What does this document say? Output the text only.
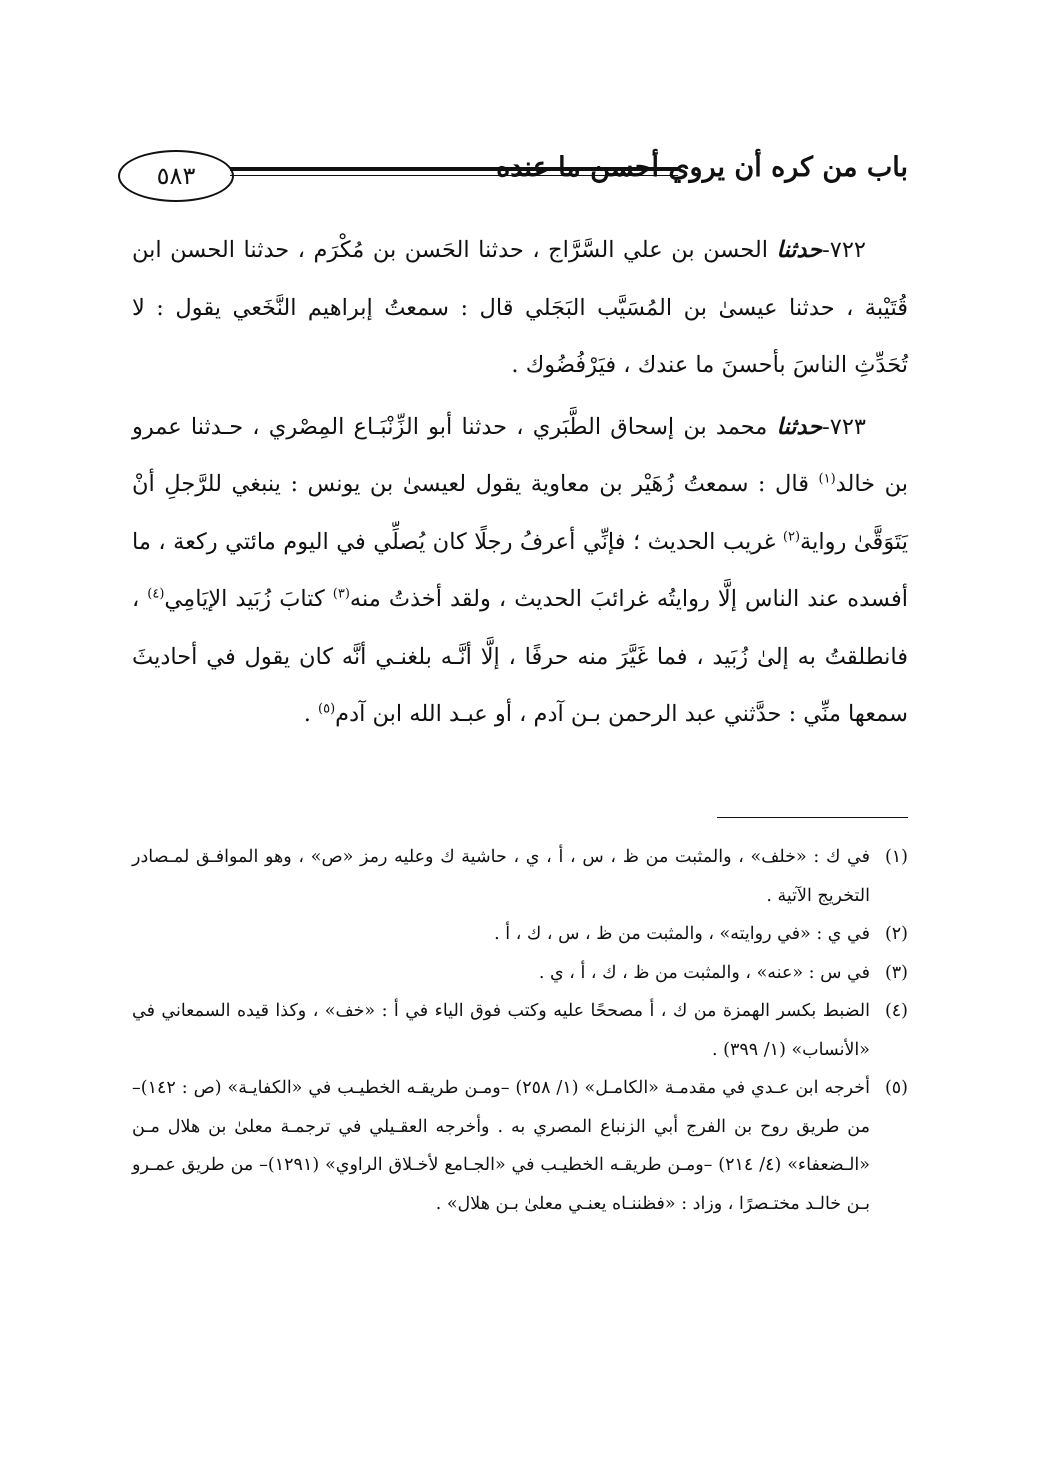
٥٨٣	باب من كره أن يروي أحسن ما عنده

٧٢٢-حدثنا الحسن بن علي السَّرَّاج ، حدثنا الحَسن بن مُكْرَم ، حدثنا الحسن ابن قُتَيْبة ، حدثنا عيسىٰ بن المُسَيَّب البَجَلي قال : سمعتُ إبراهيم النَّخَعي يقول : لا تُحَدِّثِ الناسَ بأحسنَ ما عندك ، فيَرْفُضُوك .

٧٢٣-حدثنا محمد بن إسحاق الطَّبَري ، حدثنا أبو الزِّنْبَـاع المِصْري ، حـدثنا عمرو بن خالد$^{(١)}$ قال : سمعتُ زُهَيْر بن معاوية يقول لعيسىٰ بن يونس : ينبغي للرَّجلِ أنْ يَتَوَقَّىٰ رواية$^{(٢)}$ غريب الحديث ؛ فإنِّي أعرفُ رجلًا كان يُصلِّي في اليوم مائتي ركعة ، ما أفسده عند الناس إلَّا روايتُه غرائبَ الحديث ، ولقد أخذتُ منه$^{(٣)}$ كتابَ زُبَيد الإيَامِي$^{(٤)}$ ، فانطلقتُ به إلىٰ زُبَيد ، فما غَيَّرَ منه حرفًا ، إلَّا أنَّـه بلغنـي أنَّه كان يقول في أحاديثَ سمعها منِّي : حدَّثني عبد الرحمن بـن آدم ، أو عبـد الله ابن آدم$^{(٥)}$ .

(١)
في ك : «خلف» ، والمثبت من ظ ، س ، أ ، ي ، حاشية ك وعليه رمز «ص» ، وهو الموافـق لمـصادر التخريج الآتية .

(٢)
في ي : «في روايته» ، والمثبت من ظ ، س ، ك ، أ .

(٣)
في س : «عنه» ، والمثبت من ظ ، ك ، أ ، ي .

(٤)
الضبط بكسر الهمزة من ك ، أ مصححًا عليه وكتب فوق الياء في أ : «خف» ، وكذا قيده السمعاني في «الأنساب» (١/ ٣٩٩) .

(٥)
أخرجه ابن عـدي في مقدمـة «الكامـل» (١/ ٢٥٨) –ومـن طريقـه الخطيـب في «الكفايـة» (ص : ١٤٢)– من طريق روح بن الفرج أبي الزنباع المصري به . وأخرجه العقـيلي في ترجمـة معلىٰ بن هلال مـن «الـضعفاء» (٤/ ٢١٤) –ومـن طريقـه الخطيـب في «الجـامع لأخـلاق الراوي» (١٢٩١)– من طريق عمـرو بـن خالـد مختـصرًا ، وزاد : «فظننـاه يعنـي معلىٰ بـن هلال» .
